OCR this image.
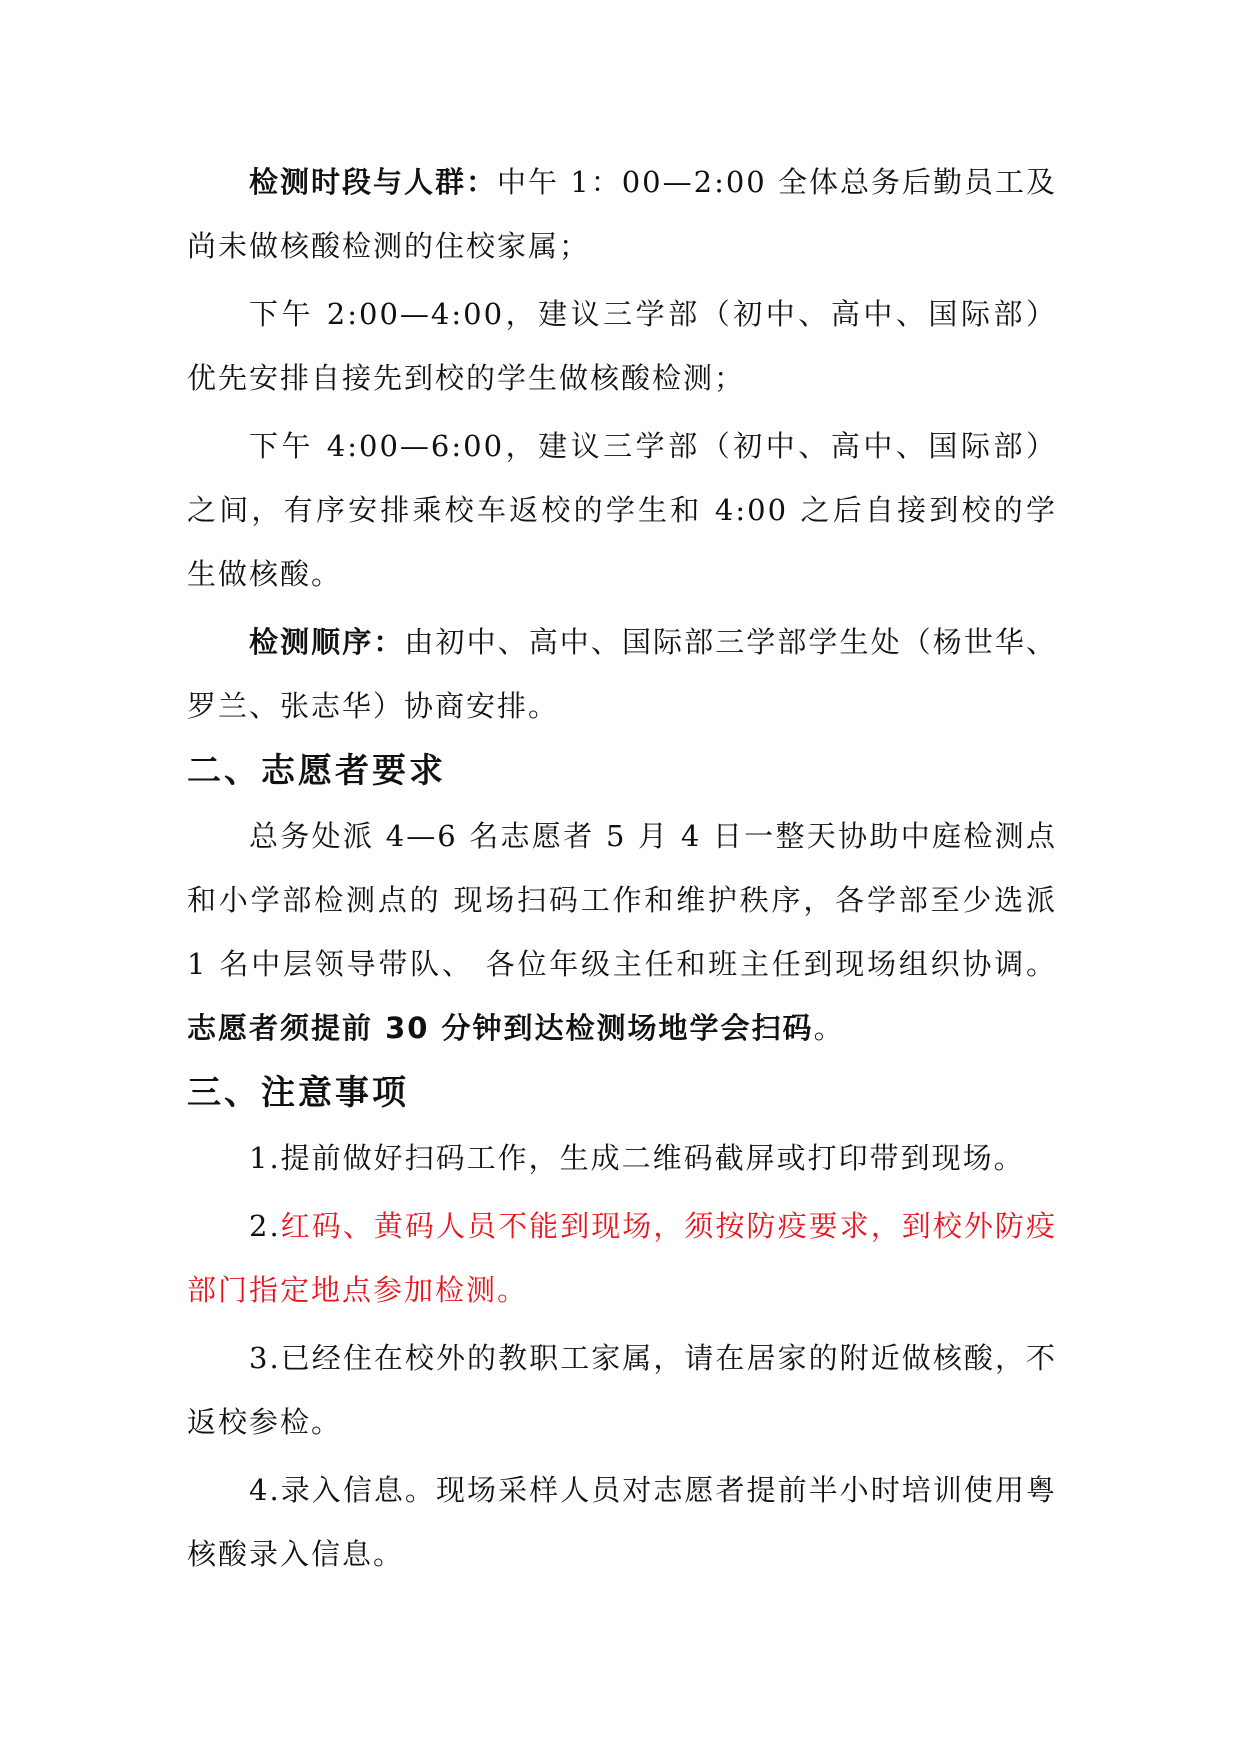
检测时段与人群：中午 1：00—2:00 全体总务后勤员工及尚未做核酸检测的住校家属；

下午 2:00—4:00，建议三学部（初中、高中、国际部）优先安排自接先到校的学生做核酸检测；

下午 4:00—6:00，建议三学部（初中、高中、国际部）之间，有序安排乘校车返校的学生和 4:00 之后自接到校的学生做核酸。

检测顺序：由初中、高中、国际部三学部学生处（杨世华、罗兰、张志华）协商安排。

二、志愿者要求

总务处派 4—6 名志愿者 5 月 4 日一整天协助中庭检测点和小学部检测点的 现场扫码工作和维护秩序，各学部至少选派 1 名中层领导带队、 各位年级主任和班主任到现场组织协调。志愿者须提前 30 分钟到达检测场地学会扫码。

三、注意事项

1.提前做好扫码工作，生成二维码截屏或打印带到现场。

2.红码、黄码人员不能到现场，须按防疫要求，到校外防疫部门指定地点参加检测。

3.已经住在校外的教职工家属，请在居家的附近做核酸，不返校参检。

4.录入信息。现场采样人员对志愿者提前半小时培训使用粤核酸录入信息。
